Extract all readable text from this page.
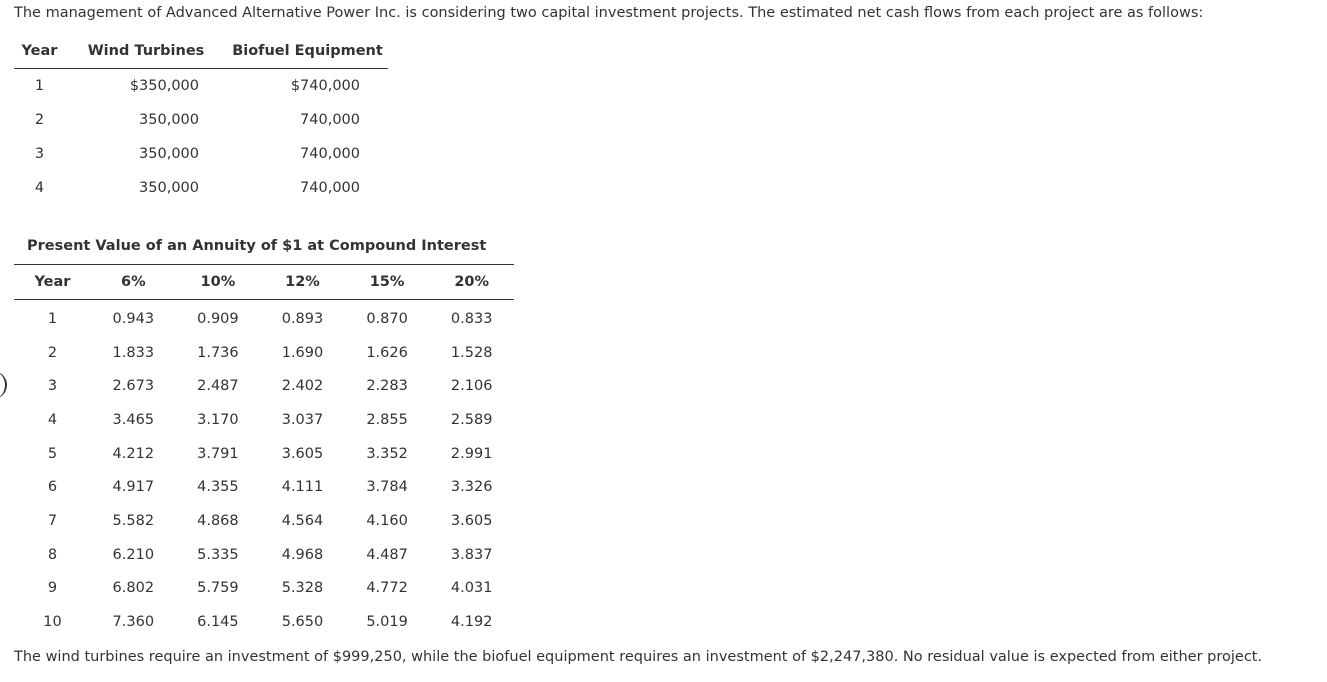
The management of Advanced Alternative Power Inc. is considering two capital investment projects. The estimated net cash flows from each project are as follows:
Year	Wind Turbines	Biofuel Equipment
1	$350,000	$740,000
2	350,000	740,000
3	350,000	740,000
4	350,000	740,000
Present Value of an Annuity of $1 at Compound Interest
Year	6%	10%	12%	15%	20%
1	0.943	0.909	0.893	0.870	0.833
2	1.833	1.736	1.690	1.626	1.528
3	2.673	2.487	2.402	2.283	2.106
4	3.465	3.170	3.037	2.855	2.589
5	4.212	3.791	3.605	3.352	2.991
6	4.917	4.355	4.111	3.784	3.326
7	5.582	4.868	4.564	4.160	3.605
8	6.210	5.335	4.968	4.487	3.837
9	6.802	5.759	5.328	4.772	4.031
10	7.360	6.145	5.650	5.019	4.192
The wind turbines require an investment of $999,250, while the biofuel equipment requires an investment of $2,247,380. No residual value is expected from either project.
